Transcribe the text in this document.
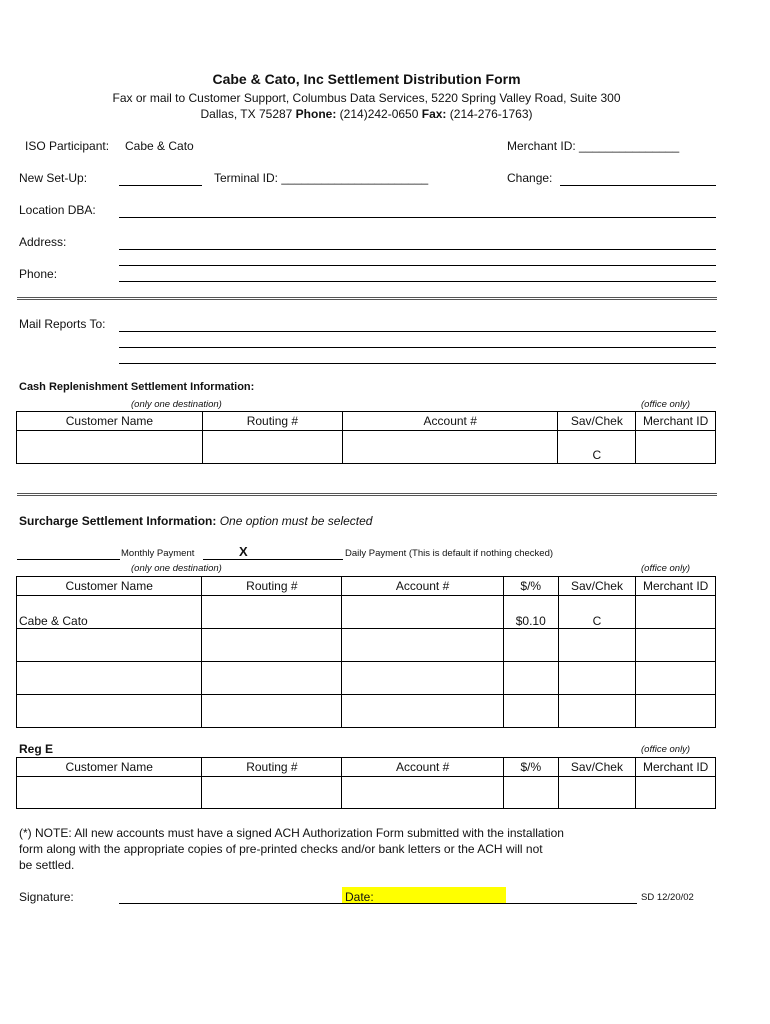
Cabe & Cato, Inc Settlement Distribution Form
Fax or mail to Customer Support, Columbus Data Services, 5220 Spring Valley Road, Suite 300
Dallas, TX 75287 Phone: (214)242-0650 Fax: (214-276-1763)
ISO Participant: Cabe & Cato	Merchant ID: _______________
New Set-Up:	Terminal ID: ______________________	Change:
Location DBA:
Address:
Phone:
Mail Reports To:
Cash Replenishment Settlement Information:
(only one destination)	(office only)
Customer Name	Routing #	Account #	Sav/Chek	Merchant ID
			C	
Surcharge Settlement Information: One option must be selected
Monthly Payment	X	Daily Payment (This is default if nothing checked)
(only one destination)	(office only)
Customer Name	Routing #	Account #	$/%	Sav/Chek	Merchant ID
Cabe & Cato			$0.10	C	

Reg E	(office only)
Customer Name	Routing #	Account #	$/%	Sav/Chek	Merchant ID

(*) NOTE: All new accounts must have a signed ACH Authorization Form submitted with the installation
form along with the appropriate copies of pre-printed checks and/or bank letters or the ACH will not
be settled.
Signature:	Date:	SD 12/20/02
